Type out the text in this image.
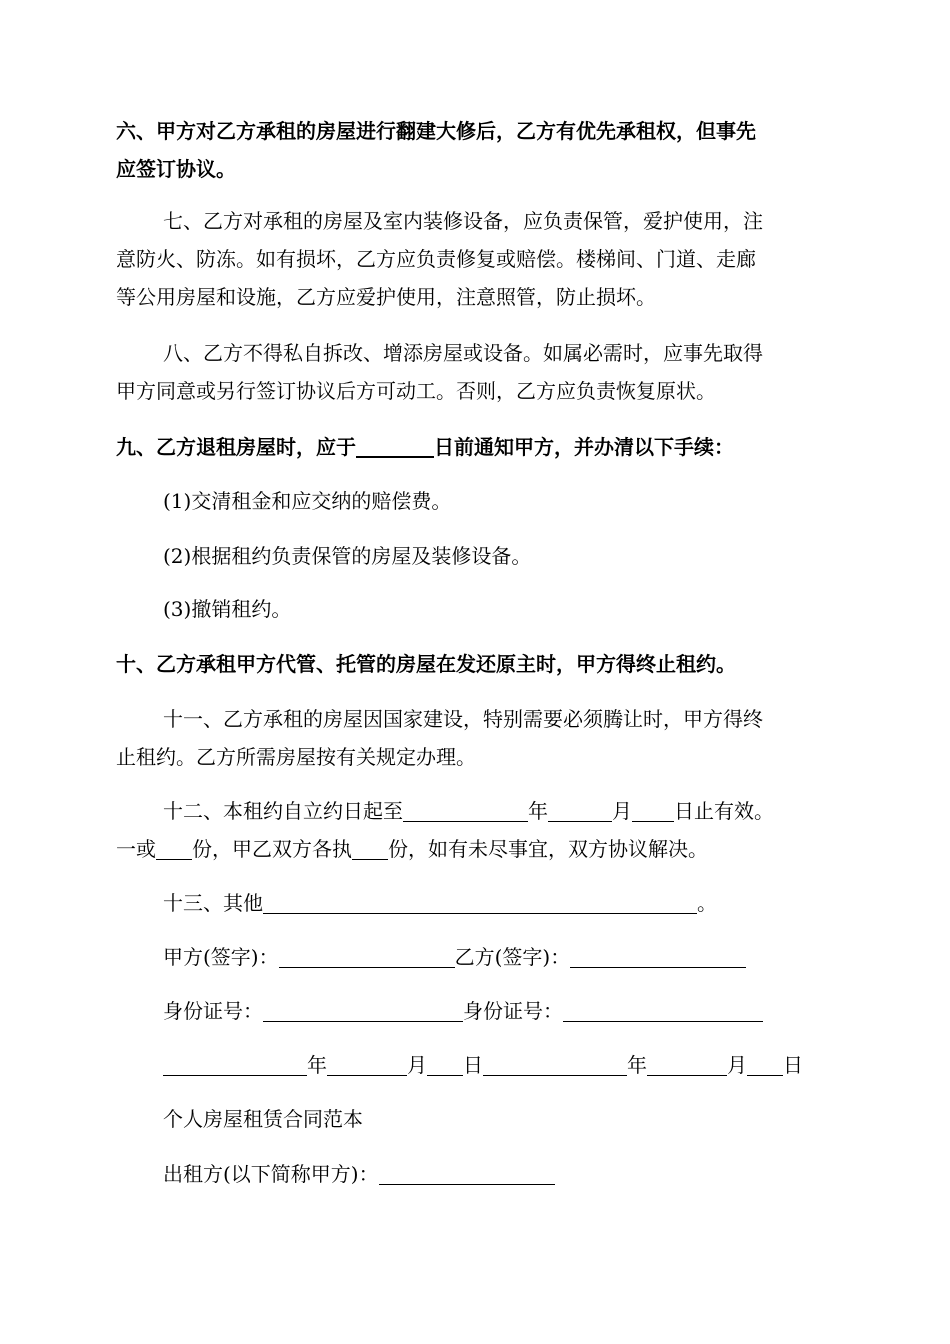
六、甲方对乙方承租的房屋进行翻建大修后，乙方有优先承租权，但事先
应签订协议。
七、乙方对承租的房屋及室内装修设备，应负责保管，爱护使用，注
意防火、防冻。如有损坏，乙方应负责修复或赔偿。楼梯间、门道、走廊
等公用房屋和设施，乙方应爱护使用，注意照管，防止损坏。
八、乙方不得私自拆改、增添房屋或设备。如属必需时，应事先取得
甲方同意或另行签订协议后方可动工。否则，乙方应负责恢复原状。
九、乙方退租房屋时，应于	日前通知甲方，并办清以下手续：
(1)交清租金和应交纳的赔偿费。
(2)根据租约负责保管的房屋及装修设备。
(3)撤销租约。
十、乙方承租甲方代管、托管的房屋在发还原主时，甲方得终止租约。
十一、乙方承租的房屋因国家建设，特别需要必须腾让时，甲方得终
止租约。乙方所需房屋按有关规定办理。
十二、本租约自立约日起至	年	月 日止有效。
一或 份，甲乙双方各执 份，如有未尽事宜，双方协议解决。
十三、其他	。
甲方(签字)：	乙方(签字)：
身份证号：	身份证号：
年	月 日	年	月 日
个人房屋租赁合同范本
出租方(以下简称甲方)：
